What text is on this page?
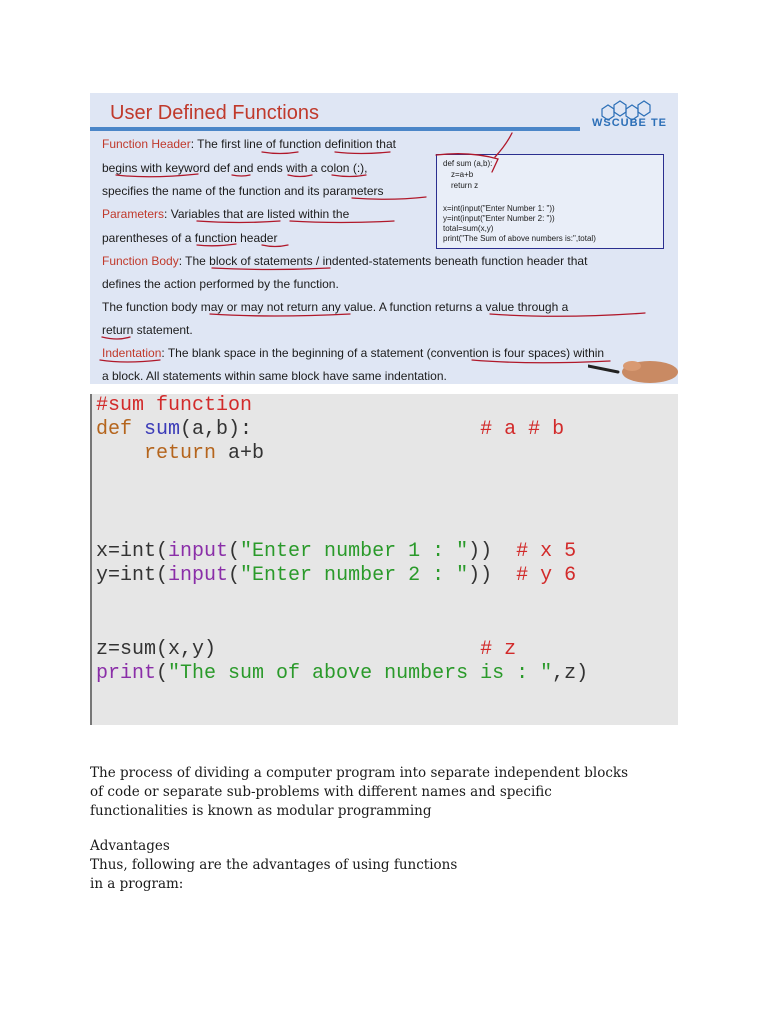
User Defined Functions	WSCUBE TE
Function Header: The first line of function definition that
begins with keyword def and ends with a colon (:),
specifies the name of the function and its parameters
Parameters: Variables that are listed within the
parentheses of a function header
Function Body: The block of statements / indented-statements beneath function header that
defines the action performed by the function.
The function body may or may not return any value. A function returns a value through a
return statement.
Indentation: The blank space in the beginning of a statement (convention is four spaces) within
a block. All statements within same block have same indentation.
def sum (a,b):
z=a+b
return z
x=int(input("Enter Number 1: "))
y=int(input("Enter Number 2: "))
total=sum(x,y)
print("The Sum of above numbers is:",total)
#sum function
def sum(a,b):	# a # b
return a+b
x=int(input("Enter number 1 : ")) # x 5
y=int(input("Enter number 2 : ")) # y 6
z=sum(x,y)	# z
print("The sum of above numbers is : ",z)
The process of dividing a computer program into separate independent blocks
of code or separate sub-problems with different names and specific
functionalities is known as modular programming
Advantages
Thus, following are the advantages of using functions
in a program:
